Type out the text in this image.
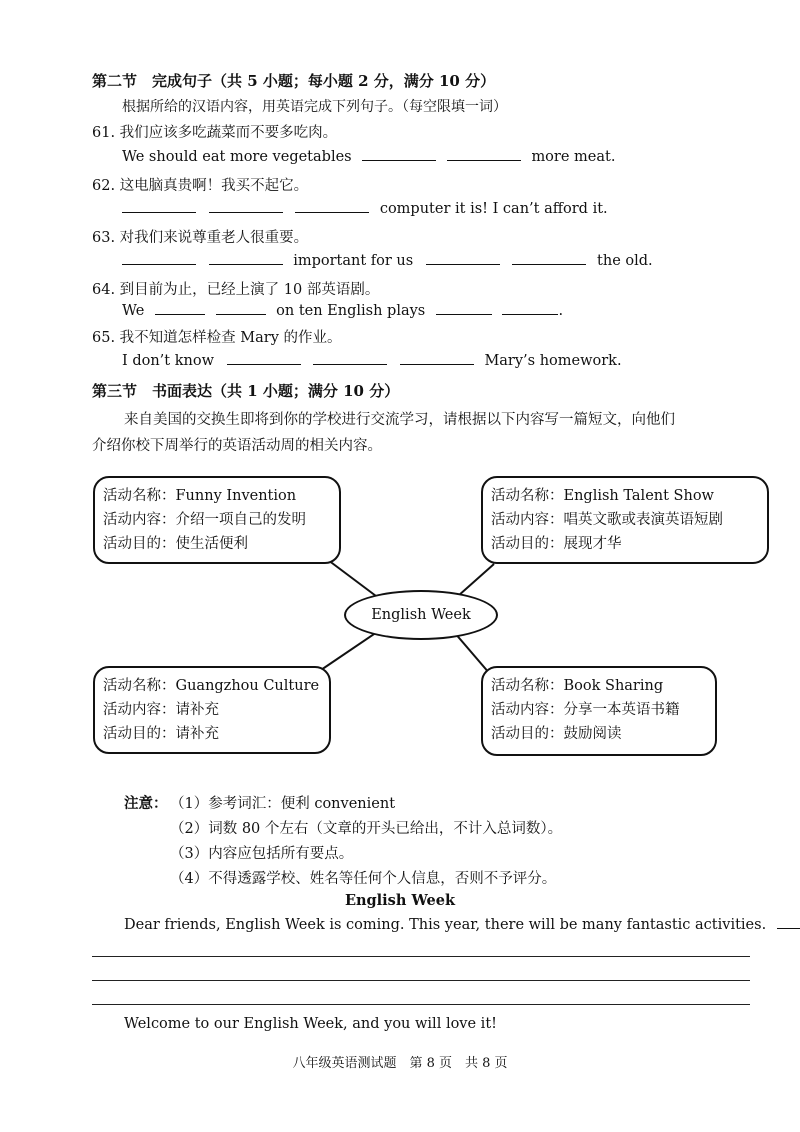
第二节　完成句子（共 5 小题；每小题 2 分，满分 10 分）
根据所给的汉语内容，用英语完成下列句子。（每空限填一词）
61. 我们应该多吃蔬菜而不要多吃肉。
We should eat more vegetables	more meat.
62. 这电脑真贵啊！我买不起它。
computer it is! I can’t afford it.
63. 对我们来说尊重老人很重要。
important for us	the old.
64. 到目前为止，已经上演了 10 部英语剧。
We	on ten English plays	.
65. 我不知道怎样检查 Mary 的作业。
I don’t know	Mary’s homework.
第三节　书面表达（共 1 小题；满分 10 分）
来自美国的交换生即将到你的学校进行交流学习，请根据以下内容写一篇短文，向他们
介绍你校下周举行的英语活动周的相关内容。
活动名称：Funny Invention
活动内容：介绍一项自己的发明
活动目的：使生活便利
活动名称：English Talent Show
活动内容：唱英文歌或表演英语短剧
活动目的：展现才华
活动名称：Guangzhou Culture
活动内容：请补充
活动目的：请补充
活动名称：Book Sharing
活动内容：分享一本英语书籍
活动目的：鼓励阅读
English Week
注意： （1）参考词汇：便利 convenient
（2）词数 80 个左右（文章的开头已给出，不计入总词数）。
（3）内容应包括所有要点。
（4）不得透露学校、姓名等任何个人信息，否则不予评分。
English Week
Dear friends, English Week is coming. This year, there will be many fantastic activities.
Welcome to our English Week, and you will love it!
八年级英语测试题　第 8 页　共 8 页
